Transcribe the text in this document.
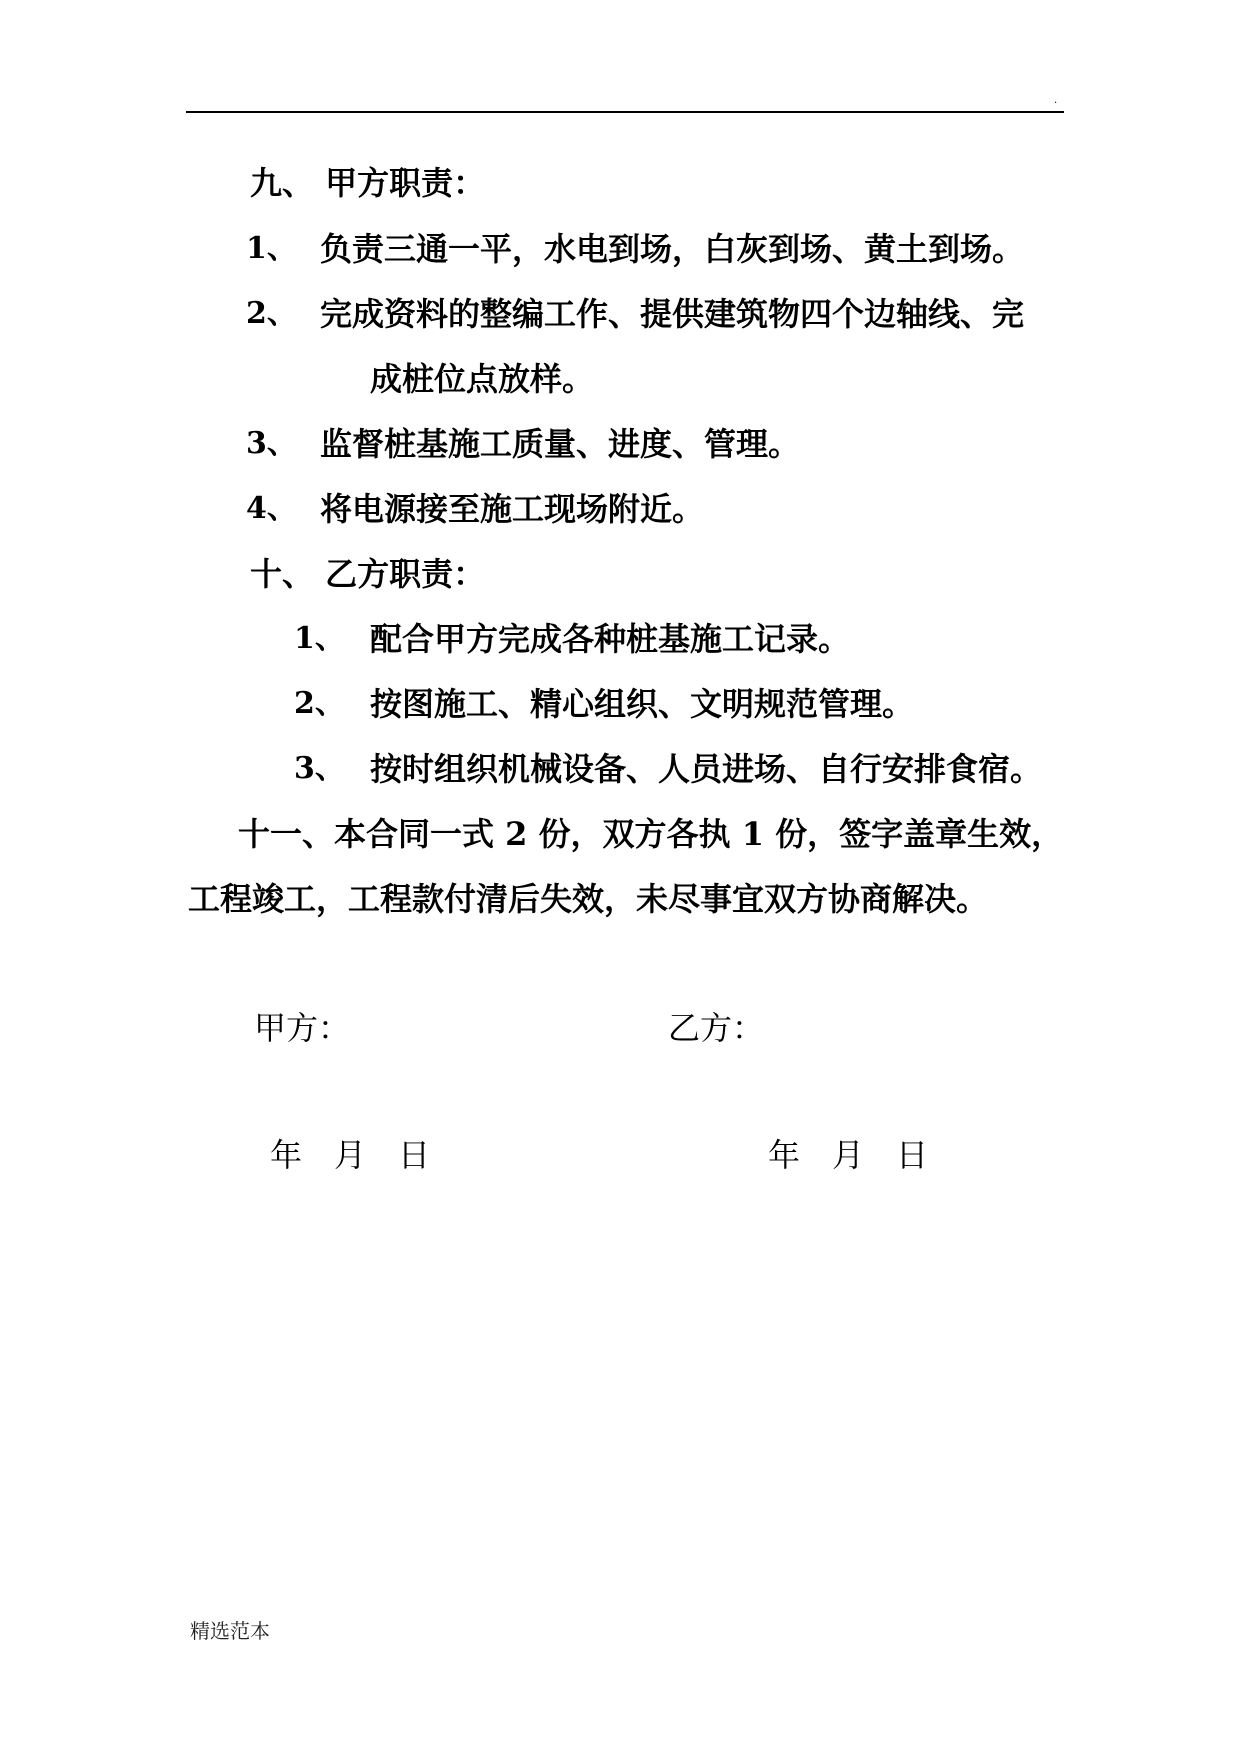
.
九、 甲方职责：
1、 负责三通一平，水电到场，白灰到场、黄土到场。
2、 完成资料的整编工作、提供建筑物四个边轴线、完
成桩位点放样。
3、 监督桩基施工质量、进度、管理。
4、 将电源接至施工现场附近。
十、 乙方职责：
1、 配合甲方完成各种桩基施工记录。
2、 按图施工、精心组织、文明规范管理。
3、 按时组织机械设备、人员进场、自行安排食宿。
十一、本合同一式 2 份，双方各执 1 份，签字盖章生效，
工程竣工，工程款付清后失效，未尽事宜双方协商解决。
甲方：	乙方：
年　月　日	年　月　日
精选范本
